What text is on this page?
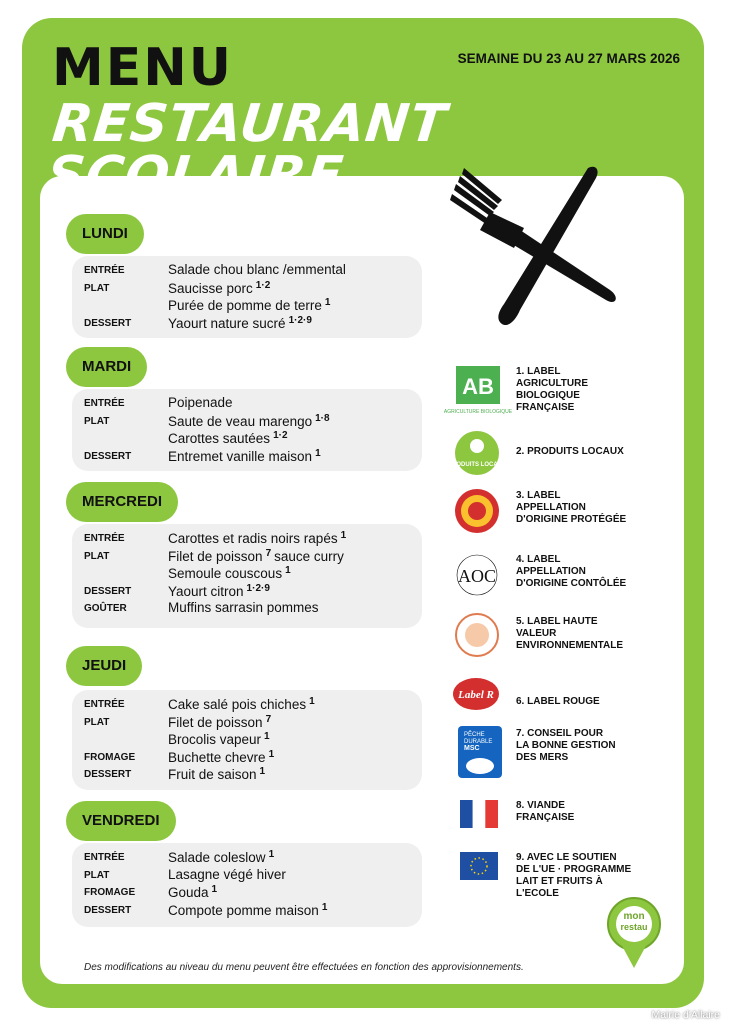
MENU
RESTAURANT
SEMAINE DU 23 AU 27 MARS 2026
LUNDI
ENTRÉE	Salade chou blanc /emmental
PLAT	Saucisse porc $^{1\cdot 2}$
Purée de pomme de terre $^1$
DESSERT	Yaourt nature sucré $^{1\cdot 2\cdot 9}$
MARDI
ENTRÉE	Poipenade
PLAT	Saute de veau marengo $^{1\cdot 8}$
Carottes sautées $^{1\cdot 2}$
DESSERT	Entremet vanille maison $^1$
MERCREDI
ENTRÉE	Carottes et radis noirs rapés $^1$
PLAT	Filet de poisson $^7$ sauce curry
Semoule couscous $^1$
DESSERT	Yaourt citron $^{1\cdot 2\cdot 9}$
GOÛTER	Muffins sarrasin pommes
JEUDI
ENTRÉE	Cake salé pois chiches $^1$
PLAT	Filet de poisson $^7$
Brocolis vapeur $^1$
FROMAGE Buchette chevre $^1$
DESSERT	Fruit de saison $^1$
VENDREDI
ENTRÉE	Salade coleslow $^1$
PLAT	Lasagne végé hiver
FROMAGE Gouda $^1$
DESSERT	Compote pomme maison $^1$
AB
AGRICULTURE BIOLOGIQUE
1. LABEL
AGRICULTURE
BIOLOGIQUE
FRANÇAISE
PRODUITS LOCAUX
2. PRODUITS LOCAUX
3. LABEL
APPELLATION
D'ORIGINE PROTÉGÉE
AOC
4. LABEL
APPELLATION
D'ORIGINE CONTÔLÉE
5. LABEL HAUTE
VALEUR
ENVIRONNEMENTALE
Label R
6. LABEL ROUGE
PÊCHE
DURABLE
MSC
7. CONSEIL POUR
LA BONNE GESTION
DES MERS
8. VIANDE
FRANÇAISE
9. AVEC LE SOUTIEN
DE L'UE · PROGRAMME
LAIT ET FRUITS À
L'ECOLE
mon
restau
Des modifications au niveau du menu peuvent être effectuées en fonction des approvisionnements.
Mairie d'Allaire
